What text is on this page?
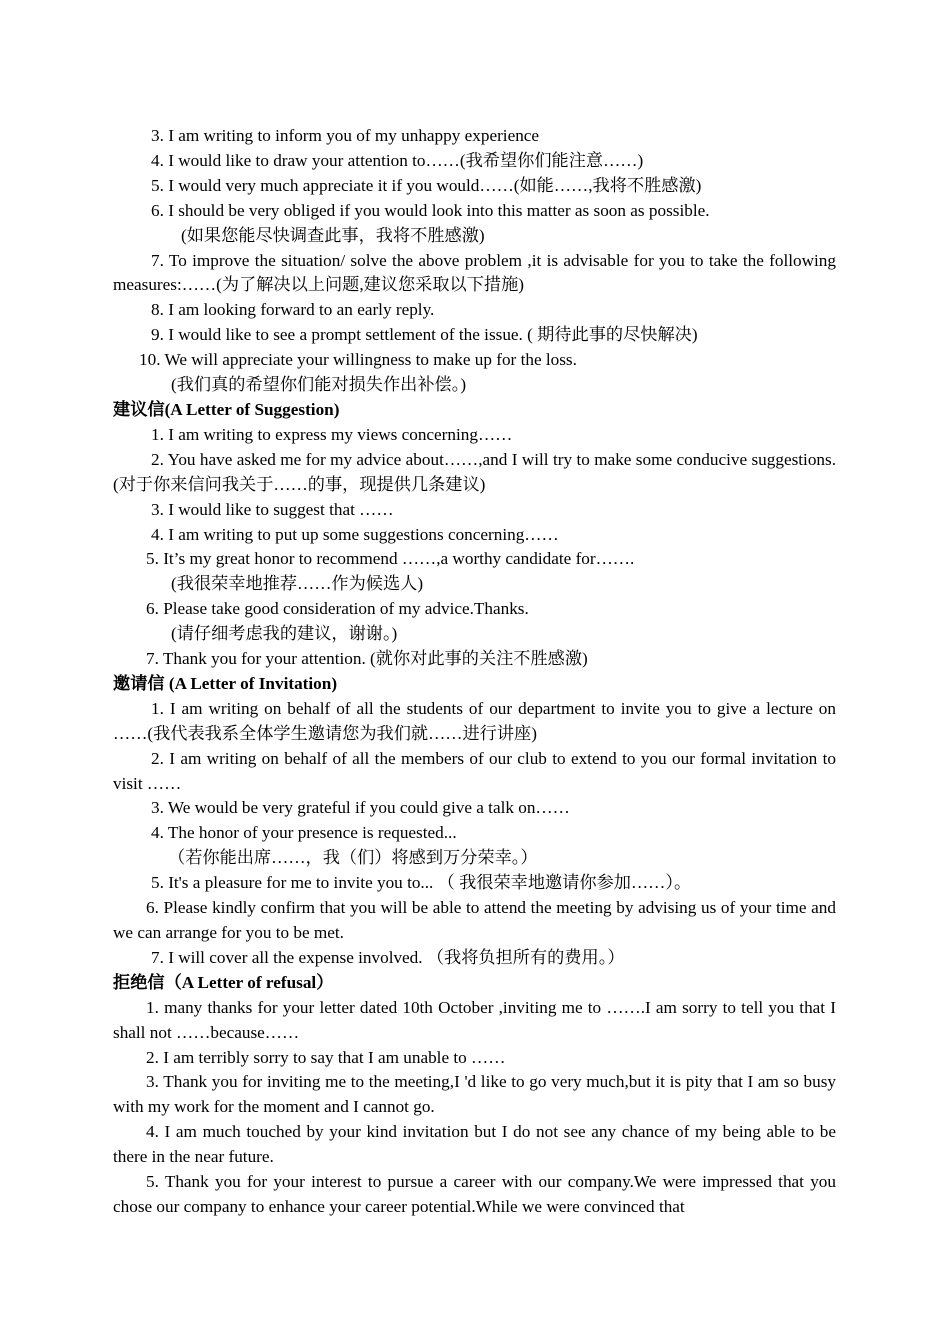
3. I am writing to inform you of my unhappy experience

4. I would like to draw your attention to……(我希望你们能注意……)

5. I would very much appreciate it if you would……(如能……,我将不胜感激)

6. I should be very obliged if you would look into this matter as soon as possible.

(如果您能尽快调查此事，我将不胜感激)

7. To improve the situation/ solve the above problem ,it is advisable for you to take the following measures:……(为了解决以上问题,建议您采取以下措施)

8. I am looking forward to an early reply.

9. I would like to see a prompt settlement of the issue. ( 期待此事的尽快解决)

10. We will appreciate your willingness to make up for the loss.

(我们真的希望你们能对损失作出补偿。)

建议信(A Letter of Suggestion)

1. I am writing to express my views concerning……

2. You have asked me for my advice about……,and I will try to make some conducive suggestions. (对于你来信问我关于……的事，现提供几条建议)

3. I would like to suggest that ……

4. I am writing to put up some suggestions concerning……

5. It’s my great honor to recommend ……,a worthy candidate for…….

(我很荣幸地推荐……作为候选人)

6. Please take good consideration of my advice.Thanks.

(请仔细考虑我的建议，谢谢。)

7. Thank you for your attention. (就你对此事的关注不胜感激)

邀请信 (A Letter of Invitation)

1. I am writing on behalf of all the students of our department to invite you to give a lecture on ……(我代表我系全体学生邀请您为我们就……进行讲座)

2. I am writing on behalf of all the members of our club to extend to you our formal invitation to visit ……

3. We would be very grateful if you could give a talk on……

4. The honor of your presence is requested...

（若你能出席……，我（们）将感到万分荣幸。）

5. It's a pleasure for me to invite you to... （ 我很荣幸地邀请你参加……）。

6. Please kindly confirm that you will be able to attend the meeting by advising us of your time and we can arrange for you to be met.

7. I will cover all the expense involved. （我将负担所有的费用。）

拒绝信（A Letter of refusal）

1. many thanks for your letter dated 10th October ,inviting me to …….I am sorry to tell you that I shall not ……because……

2. I am terribly sorry to say that I am unable to ……

3. Thank you for inviting me to the meeting,I 'd like to go very much,but it is pity that I am so busy with my work for the moment and I cannot go.

4. I am much touched by your kind invitation but I do not see any chance of my being able to be there in the near future.

5. Thank you for your interest to pursue a career with our company.We were impressed that you chose our company to enhance your career potential.While we were convinced that
